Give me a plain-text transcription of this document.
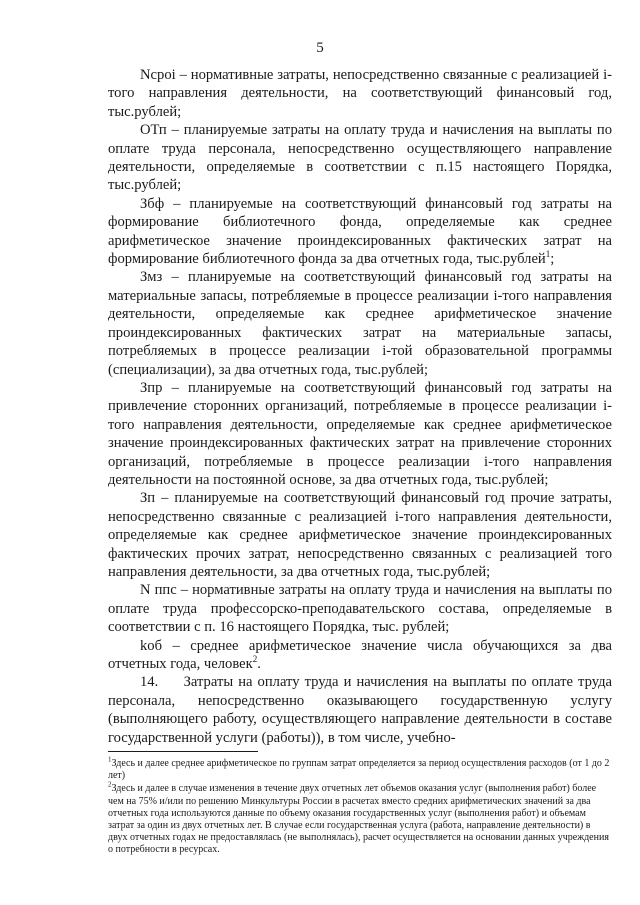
5

Nсроi – нормативные затраты, непосредственно связанные с реализацией i-того направления деятельности, на соответствующий финансовый год, тыс.рублей;

ОТп – планируемые затраты на оплату труда и начисления на выплаты по оплате труда персонала, непосредственно осуществляющего направление деятельности, определяемые в соответствии с п.15 настоящего Порядка, тыс.рублей;

Збф – планируемые на соответствующий финансовый год затраты на формирование библиотечного фонда, определяемые как среднее арифметическое значение проиндексированных фактических затрат на формирование библиотечного фонда за два отчетных года, тыс.рублей$^1$;

Змз – планируемые на соответствующий финансовый год затраты на материальные запасы, потребляемые в процессе реализации i-того направления деятельности, определяемые как среднее арифметическое значение проиндексированных фактических затрат на материальные запасы, потребляемых в процессе реализации i-той образовательной программы (специализации), за два отчетных года, тыс.рублей;

Зпр – планируемые на соответствующий финансовый год затраты на привлечение сторонних организаций, потребляемые в процессе реализации i-того направления деятельности, определяемые как среднее арифметическое значение проиндексированных фактических затрат на привлечение сторонних организаций, потребляемые в процессе реализации i-того направления деятельности на постоянной основе, за два отчетных года, тыс.рублей;

Зп – планируемые на соответствующий финансовый год прочие затраты, непосредственно связанные с реализацией i-того направления деятельности, определяемые как среднее арифметическое значение проиндексированных фактических прочих затрат, непосредственно связанных с реализацией того направления деятельности, за два отчетных года, тыс.рублей;

N ппс – нормативные затраты на оплату труда и начисления на выплаты по оплате труда профессорско-преподавательского состава, определяемые в соответствии с п. 16 настоящего Порядка, тыс. рублей;

kоб – среднее арифметическое значение числа обучающихся за два отчетных года, человек$^2$.

14.     Затраты на оплату труда и начисления на выплаты по оплате труда персонала, непосредственно оказывающего государственную услугу (выполняющего работу, осуществляющего направление деятельности в составе государственной услуги (работы)), в том числе, учебно-

$^1$Здесь и далее среднее арифметическое по группам затрат определяется за период осуществления расходов (от 1 до 2 лет)

$^2$Здесь и далее в случае изменения в течение двух отчетных лет объемов оказания услуг (выполнения работ) более чем на 75% и/или по решению Минкультуры России в расчетах вместо средних арифметических значений за два отчетных года используются данные по объему оказания государственных услуг (выполнения работ) и объемам затрат за один из двух отчетных лет. В случае если государственная услуга (работа, направление деятельности) в двух отчетных годах не предоставлялась (не выполнялась), расчет осуществляется на основании данных учреждения о потребности в ресурсах.
